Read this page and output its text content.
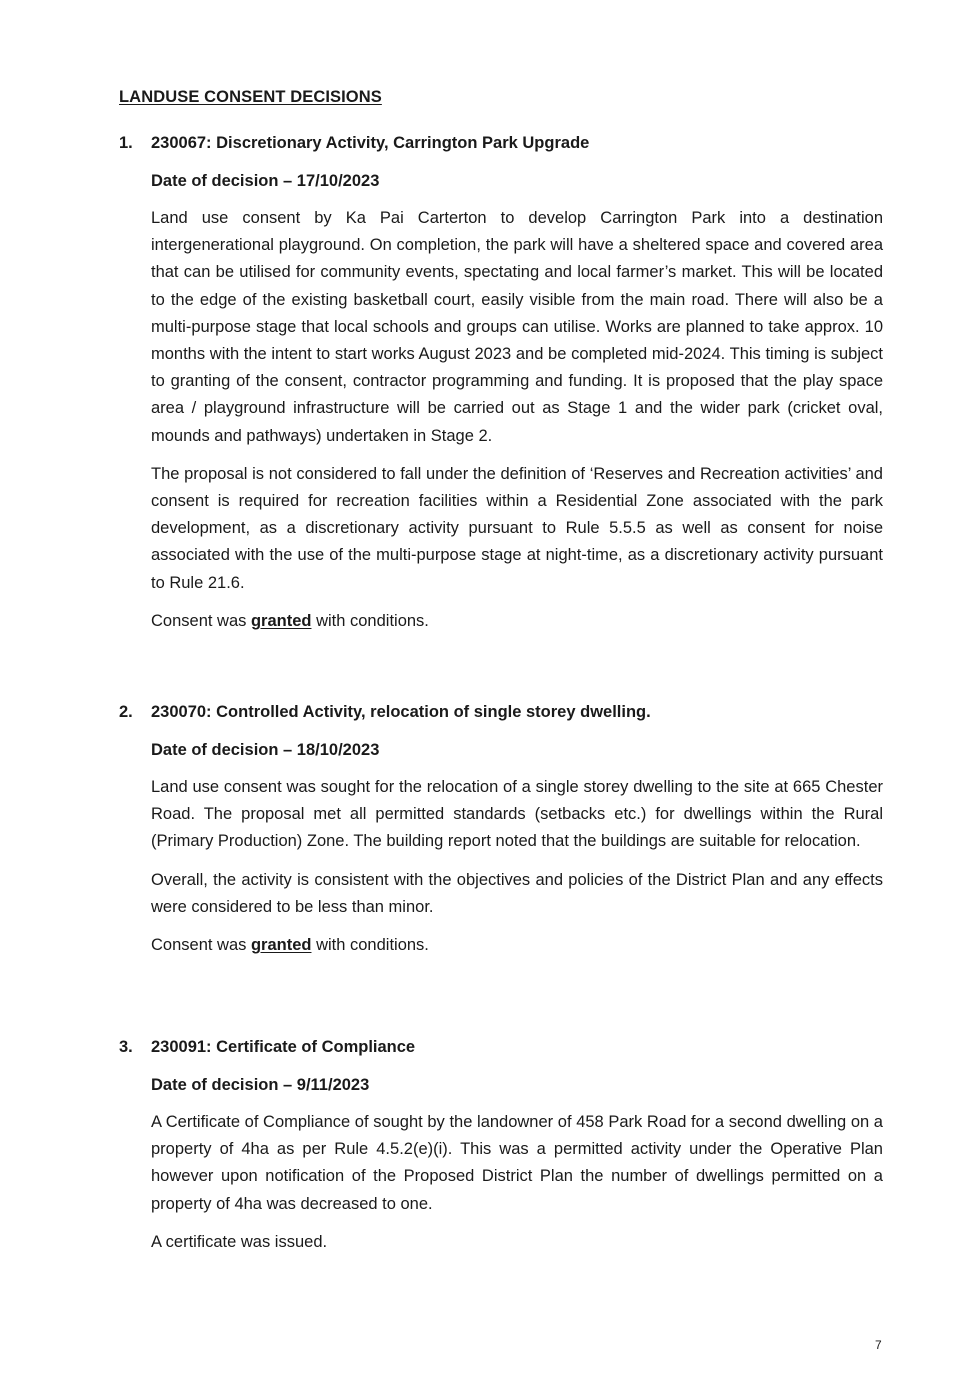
LANDUSE CONSENT DECISIONS
1. 230067: Discretionary Activity, Carrington Park Upgrade
Date of decision – 17/10/2023
Land use consent by Ka Pai Carterton to develop Carrington Park into a destination intergenerational playground. On completion, the park will have a sheltered space and covered area that can be utilised for community events, spectating and local farmer’s market. This will be located to the edge of the existing basketball court, easily visible from the main road. There will also be a multi-purpose stage that local schools and groups can utilise. Works are planned to take approx. 10 months with the intent to start works August 2023 and be completed mid-2024. This timing is subject to granting of the consent, contractor programming and funding. It is proposed that the play space area / playground infrastructure will be carried out as Stage 1 and the wider park (cricket oval, mounds and pathways) undertaken in Stage 2.
The proposal is not considered to fall under the definition of ‘Reserves and Recreation activities’ and consent is required for recreation facilities within a Residential Zone associated with the park development, as a discretionary activity pursuant to Rule 5.5.5 as well as consent for noise associated with the use of the multi-purpose stage at night-time, as a discretionary activity pursuant to Rule 21.6.
Consent was granted with conditions.
2. 230070: Controlled Activity, relocation of single storey dwelling.
Date of decision – 18/10/2023
Land use consent was sought for the relocation of a single storey dwelling to the site at 665 Chester Road. The proposal met all permitted standards (setbacks etc.) for dwellings within the Rural (Primary Production) Zone. The building report noted that the buildings are suitable for relocation.
Overall, the activity is consistent with the objectives and policies of the District Plan and any effects were considered to be less than minor.
Consent was granted with conditions.
3. 230091: Certificate of Compliance
Date of decision – 9/11/2023
A Certificate of Compliance of sought by the landowner of 458 Park Road for a second dwelling on a property of 4ha as per Rule 4.5.2(e)(i). This was a permitted activity under the Operative Plan however upon notification of the Proposed District Plan the number of dwellings permitted on a property of 4ha was decreased to one.
A certificate was issued.
7
